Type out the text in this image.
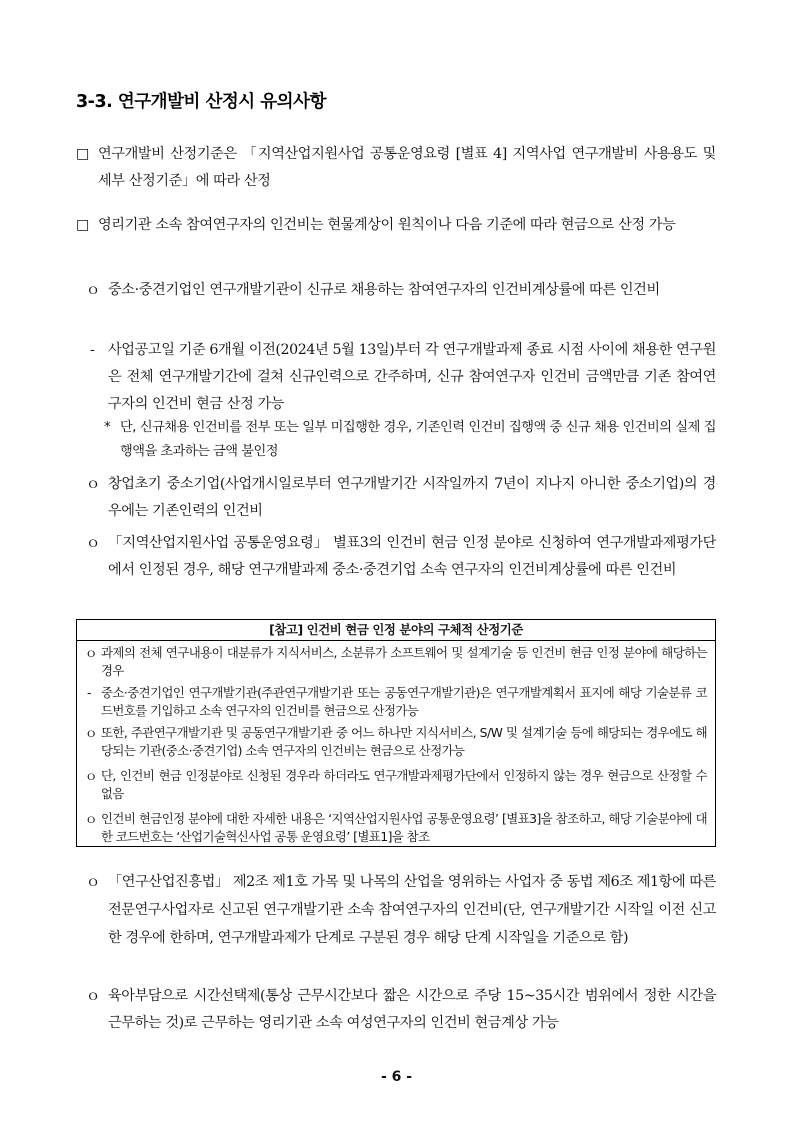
3-3. 연구개발비 산정시 유의사항
□ 연구개발비 산정기준은 「지역산업지원사업 공통운영요령 [별표 4] 지역사업 연구개발비 사용용도 및 세부 산정기준」에 따라 산정
□ 영리기관 소속 참여연구자의 인건비는 현물계상이 원칙이나 다음 기준에 따라 현금으로 산정 가능
ｏ 중소·중견기업인 연구개발기관이 신규로 채용하는 참여연구자의 인건비계상률에 따른 인건비
- 사업공고일 기준 6개월 이전(2024년 5월 13일)부터 각 연구개발과제 종료 시점 사이에 채용한 연구원은 전체 연구개발기간에 걸쳐 신규인력으로 간주하며, 신규 참여연구자 인건비 금액만큼 기존 참여연구자의 인건비 현금 산정 가능
* 단, 신규채용 인건비를 전부 또는 일부 미집행한 경우, 기존인력 인건비 집행액 중 신규 채용 인건비의 실제 집행액을 초과하는 금액 불인정
ｏ 창업초기 중소기업(사업개시일로부터 연구개발기간 시작일까지 7년이 지나지 아니한 중소기업)의 경우에는 기존인력의 인건비
ｏ 「지역산업지원사업 공통운영요령」 별표3의 인건비 현금 인정 분야로 신청하여 연구개발과제평가단에서 인정된 경우, 해당 연구개발과제 중소·중견기업 소속 연구자의 인건비계상률에 따른 인건비
[참고] 인건비 현금 인정 분야의 구체적 산정기준
ｏ 과제의 전체 연구내용이 대분류가 지식서비스, 소분류가 소프트웨어 및 설계기술 등 인건비 현금 인정 분야에 해당하는 경우
- 중소·중견기업인 연구개발기관(주관연구개발기관 또는 공동연구개발기관)은 연구개발계획서 표지에 해당 기술분류 코드번호를 기입하고 소속 연구자의 인건비를 현금으로 산정가능
ｏ 또한, 주관연구개발기관 및 공동연구개발기관 중 어느 하나만 지식서비스, S/W 및 설계기술 등에 해당되는 경우에도 해당되는 기관(중소·중견기업) 소속 연구자의 인건비는 현금으로 산정가능
ｏ 단, 인건비 현금 인정분야로 신청된 경우라 하더라도 연구개발과제평가단에서 인정하지 않는 경우 현금으로 산정할 수 없음
ｏ 인건비 현금인정 분야에 대한 자세한 내용은 ‘지역산업지원사업 공통운영요령’ [별표3]을 참조하고, 해당 기술분야에 대한 코드번호는 ‘산업기술혁신사업 공통 운영요령’ [별표1]을 참조
ｏ 「연구산업진흥법」 제2조 제1호 가목 및 나목의 산업을 영위하는 사업자 중 동법 제6조 제1항에 따른 전문연구사업자로 신고된 연구개발기관 소속 참여연구자의 인건비(단, 연구개발기간 시작일 이전 신고한 경우에 한하며, 연구개발과제가 단계로 구분된 경우 해당 단계 시작일을 기준으로 함)
ｏ 육아부담으로 시간선택제(통상 근무시간보다 짧은 시간으로 주당 15~35시간 범위에서 정한 시간을 근무하는 것)로 근무하는 영리기관 소속 여성연구자의 인건비 현금계상 가능
- 6 -
